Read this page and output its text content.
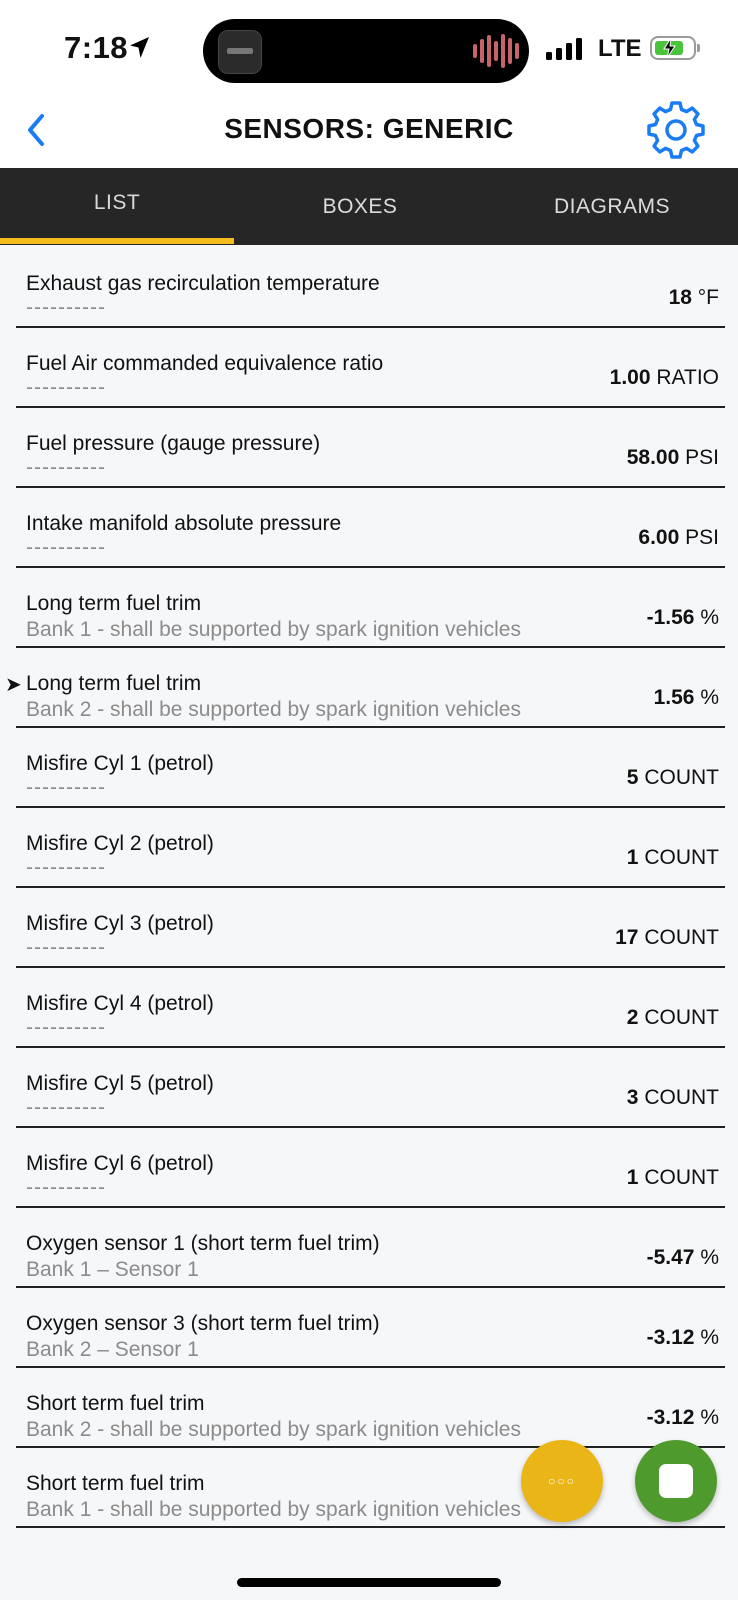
7:18	LTE
SENSORS: GENERIC
LIST	BOXES	DIAGRAMS
Exhaust gas recirculation temperature
----------	18 °F
Fuel Air commanded equivalence ratio
----------	1.00 RATIO
Fuel pressure (gauge pressure)
----------	58.00 PSI
Intake manifold absolute pressure
----------	6.00 PSI
Long term fuel trim
Bank 1 - shall be supported by spark ignition vehicles
-1.56 %
➤ Long term fuel trim
Bank 2 - shall be supported by spark ignition vehicles
1.56 %
Misfire Cyl 1 (petrol)
----------	5 COUNT
Misfire Cyl 2 (petrol)
----------	1 COUNT
Misfire Cyl 3 (petrol)
----------	17 COUNT
Misfire Cyl 4 (petrol)
----------	2 COUNT
Misfire Cyl 5 (petrol)
----------	3 COUNT
Misfire Cyl 6 (petrol)
----------	1 COUNT
Oxygen sensor 1 (short term fuel trim)
Bank 1 – Sensor 1
-5.47 %
Oxygen sensor 3 (short term fuel trim)
Bank 2 – Sensor 1
-3.12 %
Short term fuel trim
Bank 2 - shall be supported by spark ignition vehicles
-3.12 %
Short term fuel trim
Bank 1 - shall be supported by spark ignition vehicles
○○○
